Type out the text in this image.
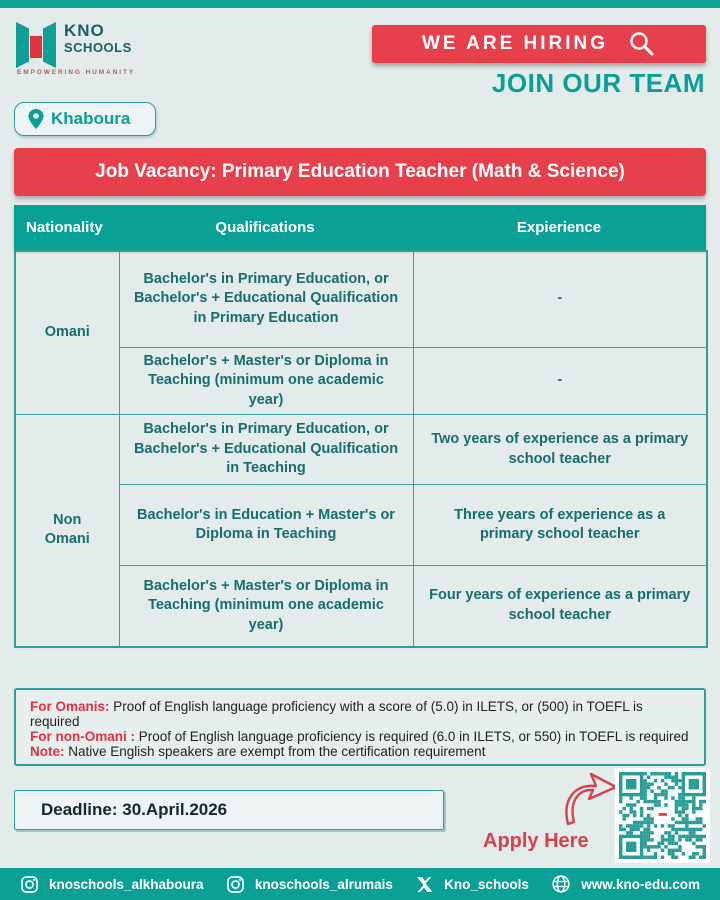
KNO
SCHOOLS
EMPOWERING HUMANITY
WE ARE HIRING
JOIN OUR TEAM
Khaboura
Job Vacancy: Primary Education Teacher (Math & Science)
Nationality	Qualifications	Expierience
Omani	Bachelor's in Primary Education, or Bachelor's + Educational Qualification in Primary Education	-
	Bachelor's + Master's or Diploma in Teaching (minimum one academic year)	-
Non Omani	Bachelor's in Primary Education, or Bachelor's + Educational Qualification in Teaching	Two years of experience as a primary school teacher
	Bachelor's in Education + Master's or Diploma in Teaching	Three years of experience as a primary school teacher
	Bachelor's + Master's or Diploma in Teaching (minimum one academic year)	Four years of experience as a primary school teacher
For Omanis: Proof of English language proficiency with a score of (5.0) in ILETS, or (500) in TOEFL is required
For non-Omani : Proof of English language proficiency is required (6.0 in ILETS, or 550) in TOEFL is required
Note: Native English speakers are exempt from the certification requirement
Deadline: 30.April.2026
Apply Here
knoschools_alkhaboura	knoschools_alrumais	Kno_schools	www.kno-edu.com
